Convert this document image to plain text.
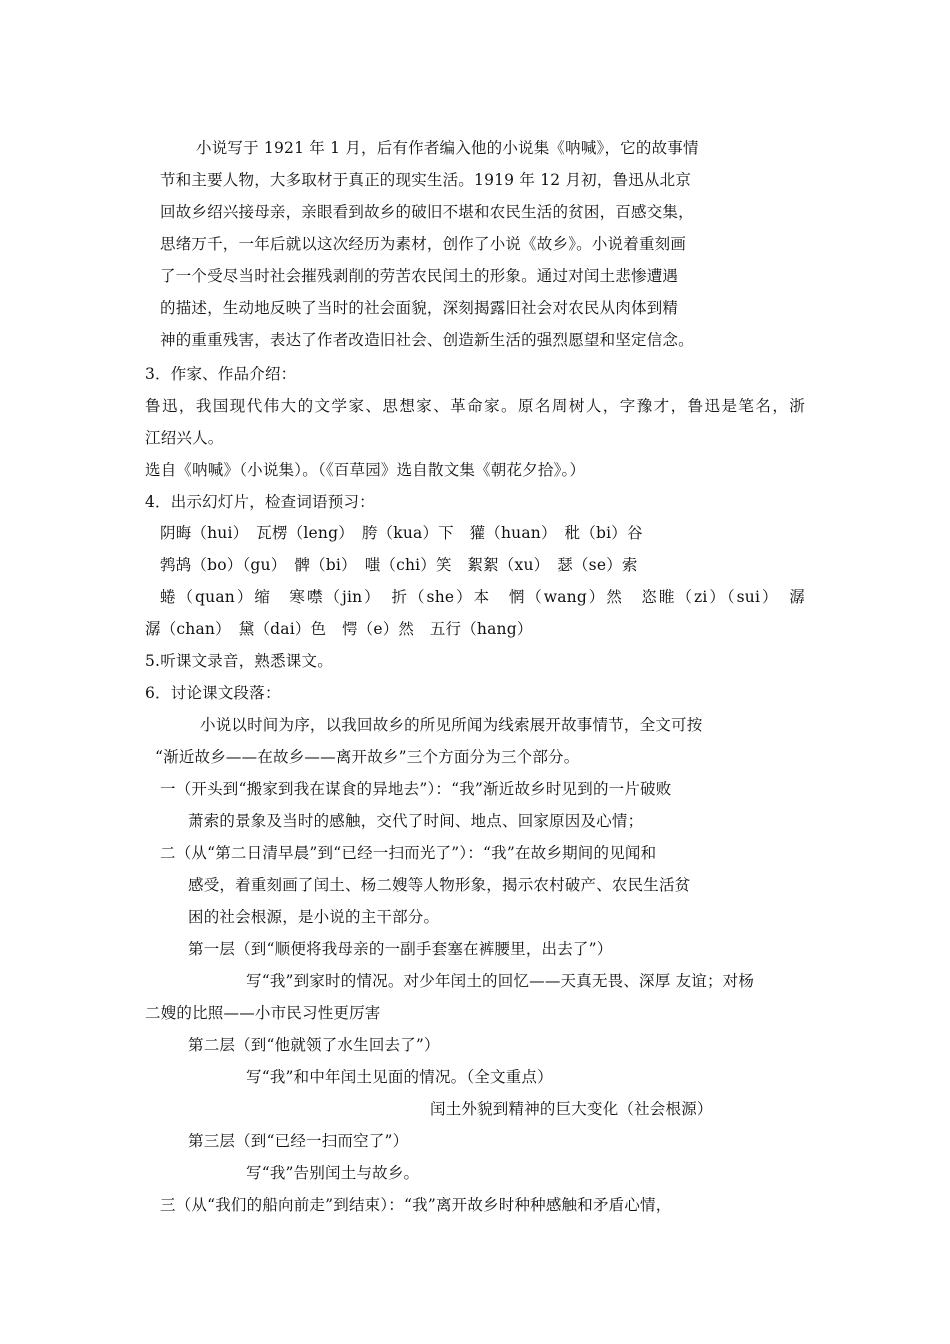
小说写于 1921 年 1 月，后有作者编入他的小说集《呐喊》，它的故事情
节和主要人物，大多取材于真正的现实生活。1919 年 12 月初，鲁迅从北京
回故乡绍兴接母亲，亲眼看到故乡的破旧不堪和农民生活的贫困，百感交集，
思绪万千，一年后就以这次经历为素材，创作了小说《故乡》。小说着重刻画
了一个受尽当时社会摧残剥削的劳苦农民闰土的形象。通过对闰土悲惨遭遇
的描述，生动地反映了当时的社会面貌，深刻揭露旧社会对农民从肉体到精
神的重重残害，表达了作者改造旧社会、创造新生活的强烈愿望和坚定信念。
3．作家、作品介绍：
鲁迅，我国现代伟大的文学家、思想家、革命家。原名周树人，字豫才，鲁迅是笔名，浙
江绍兴人。
选自《呐喊》（小说集）。（《百草园》选自散文集《朝花夕拾》。）
4．出示幻灯片，检查词语预习：
阴晦（hui）　瓦楞（leng）　胯（kua）下　獾（huan）　秕（bi）谷
鹁鸪（bo）（gu）　髀（bi）　嗤（chi）笑　絮絮（xu）　瑟（se）索
蜷（quan）缩　寒噤（jin）　折（she）本　惘（wang）然　恣睢（zi）（sui）　潺
潺（chan）　黛（dai）色　愕（e）然　五行（hang）
5.听课文录音，熟悉课文。
6．讨论课文段落：
小说以时间为序，以我回故乡的所见所闻为线索展开故事情节，全文可按
“渐近故乡——在故乡——离开故乡”三个方面分为三个部分。
一（开头到“搬家到我在谋食的异地去”）：“我”渐近故乡时见到的一片破败
萧索的景象及当时的感触，交代了时间、地点、回家原因及心情；
二（从“第二日清早晨”到“已经一扫而光了”）：“我”在故乡期间的见闻和
感受，着重刻画了闰土、杨二嫂等人物形象，揭示农村破产、农民生活贫
困的社会根源，是小说的主干部分。
第一层（到“顺便将我母亲的一副手套塞在裤腰里，出去了”）
写“我”到家时的情况。对少年闰土的回忆——天真无畏、深厚 友谊；对杨
二嫂的比照——小市民习性更厉害
第二层（到“他就领了水生回去了”）
写“我”和中年闰土见面的情况。（全文重点）
闰土外貌到精神的巨大变化（社会根源）
第三层（到“已经一扫而空了”）
写“我”告别闰土与故乡。
三（从“我们的船向前走”到结束）：“我”离开故乡时种种感触和矛盾心情，
